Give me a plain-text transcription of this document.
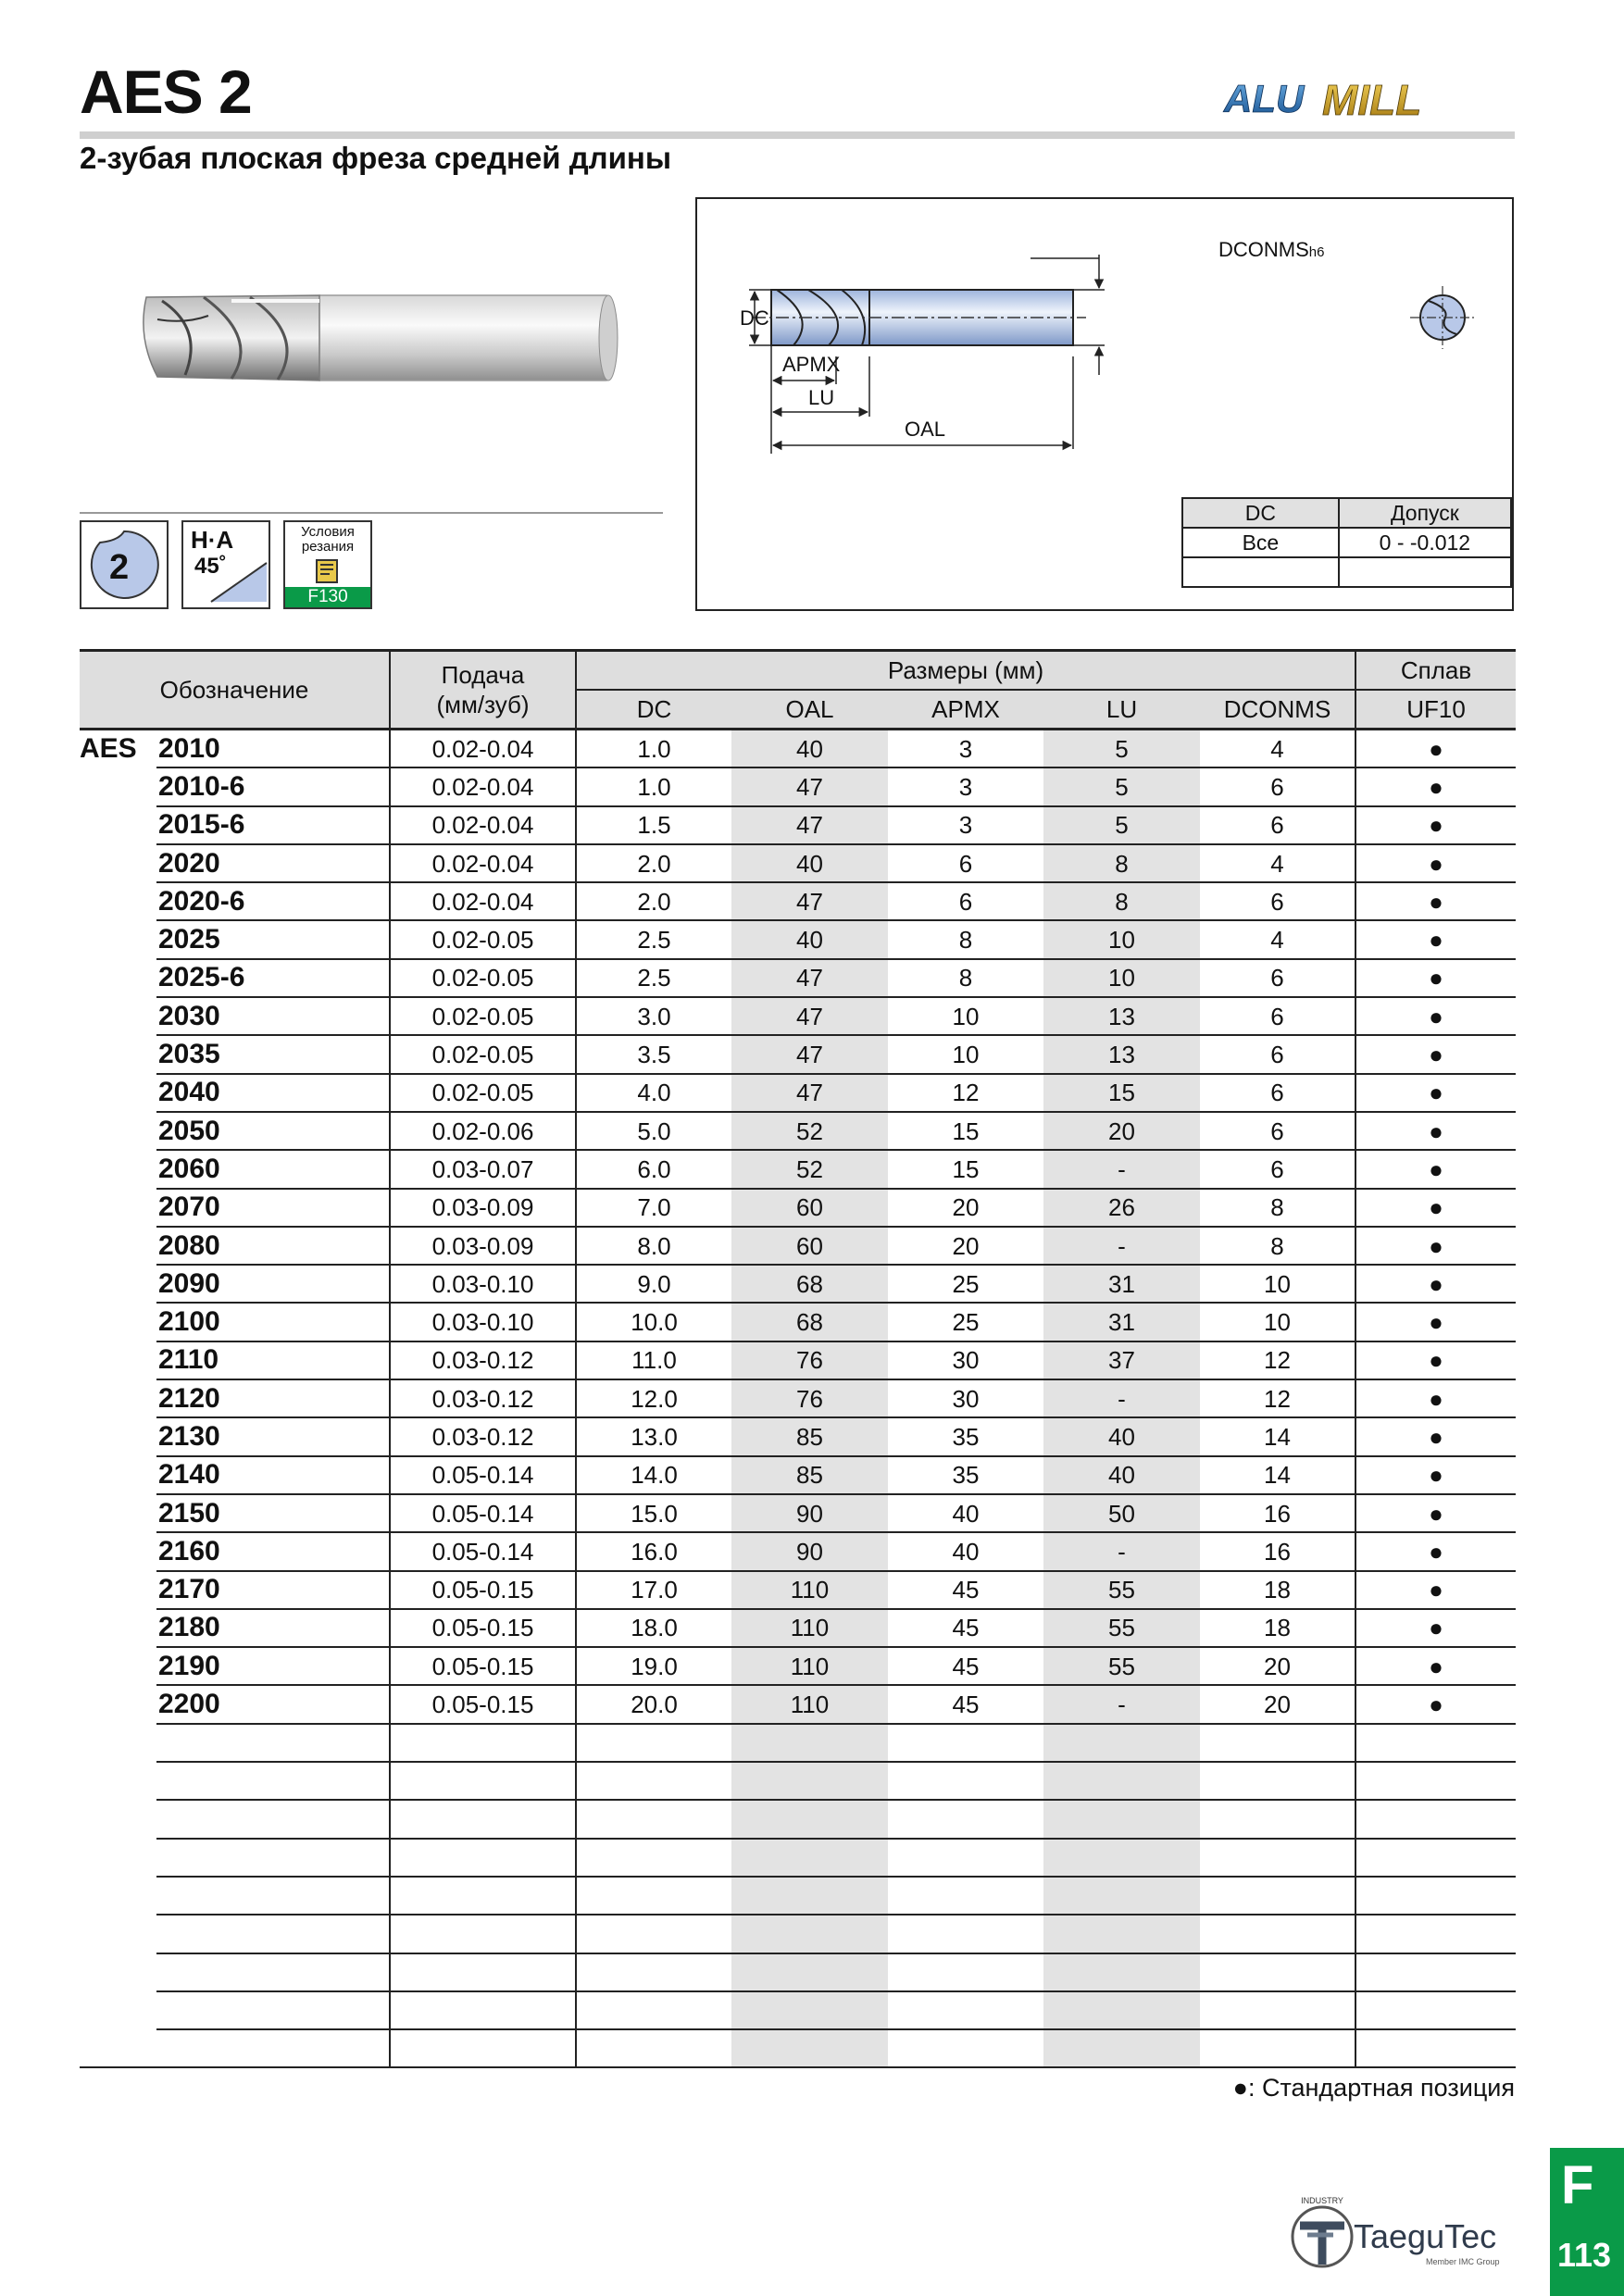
AES 2
2-зубая плоская фреза средней длины
ALU MILL
2
H·A
45˚
Условия
резания
F130
DC
DCONMSh6
APMX
LU
OAL
DC	Допуск
Все	0 - -0.012

Обозначение		Подача
(мм/зуб)	Размеры (мм)					Сплав
			DC	OAL	APMX	LU	DCONMS	UF10
AES	2010	0.02-0.04	1.0	40	3	5	4	●
	2010-6	0.02-0.04	1.0	47	3	5	6	●
	2015-6	0.02-0.04	1.5	47	3	5	6	●
	2020	0.02-0.04	2.0	40	6	8	4	●
	2020-6	0.02-0.04	2.0	47	6	8	6	●
	2025	0.02-0.05	2.5	40	8	10	4	●
	2025-6	0.02-0.05	2.5	47	8	10	6	●
	2030	0.02-0.05	3.0	47	10	13	6	●
	2035	0.02-0.05	3.5	47	10	13	6	●
	2040	0.02-0.05	4.0	47	12	15	6	●
	2050	0.02-0.06	5.0	52	15	20	6	●
	2060	0.03-0.07	6.0	52	15	-	6	●
	2070	0.03-0.09	7.0	60	20	26	8	●
	2080	0.03-0.09	8.0	60	20	-	8	●
	2090	0.03-0.10	9.0	68	25	31	10	●
	2100	0.03-0.10	10.0	68	25	31	10	●
	2110	0.03-0.12	11.0	76	30	37	12	●
	2120	0.03-0.12	12.0	76	30	-	12	●
	2130	0.03-0.12	13.0	85	35	40	14	●
	2140	0.05-0.14	14.0	85	35	40	14	●
	2150	0.05-0.14	15.0	90	40	50	16	●
	2160	0.05-0.14	16.0	90	40	-	16	●
	2170	0.05-0.15	17.0	110	45	55	18	●
	2180	0.05-0.15	18.0	110	45	55	18	●
	2190	0.05-0.15	19.0	110	45	55	20	●
	2200	0.05-0.15	20.0	110	45	-	20	●

●: Стандартная позиция
INDUSTRY
TaeguTec
Member IMC Group
F
113
